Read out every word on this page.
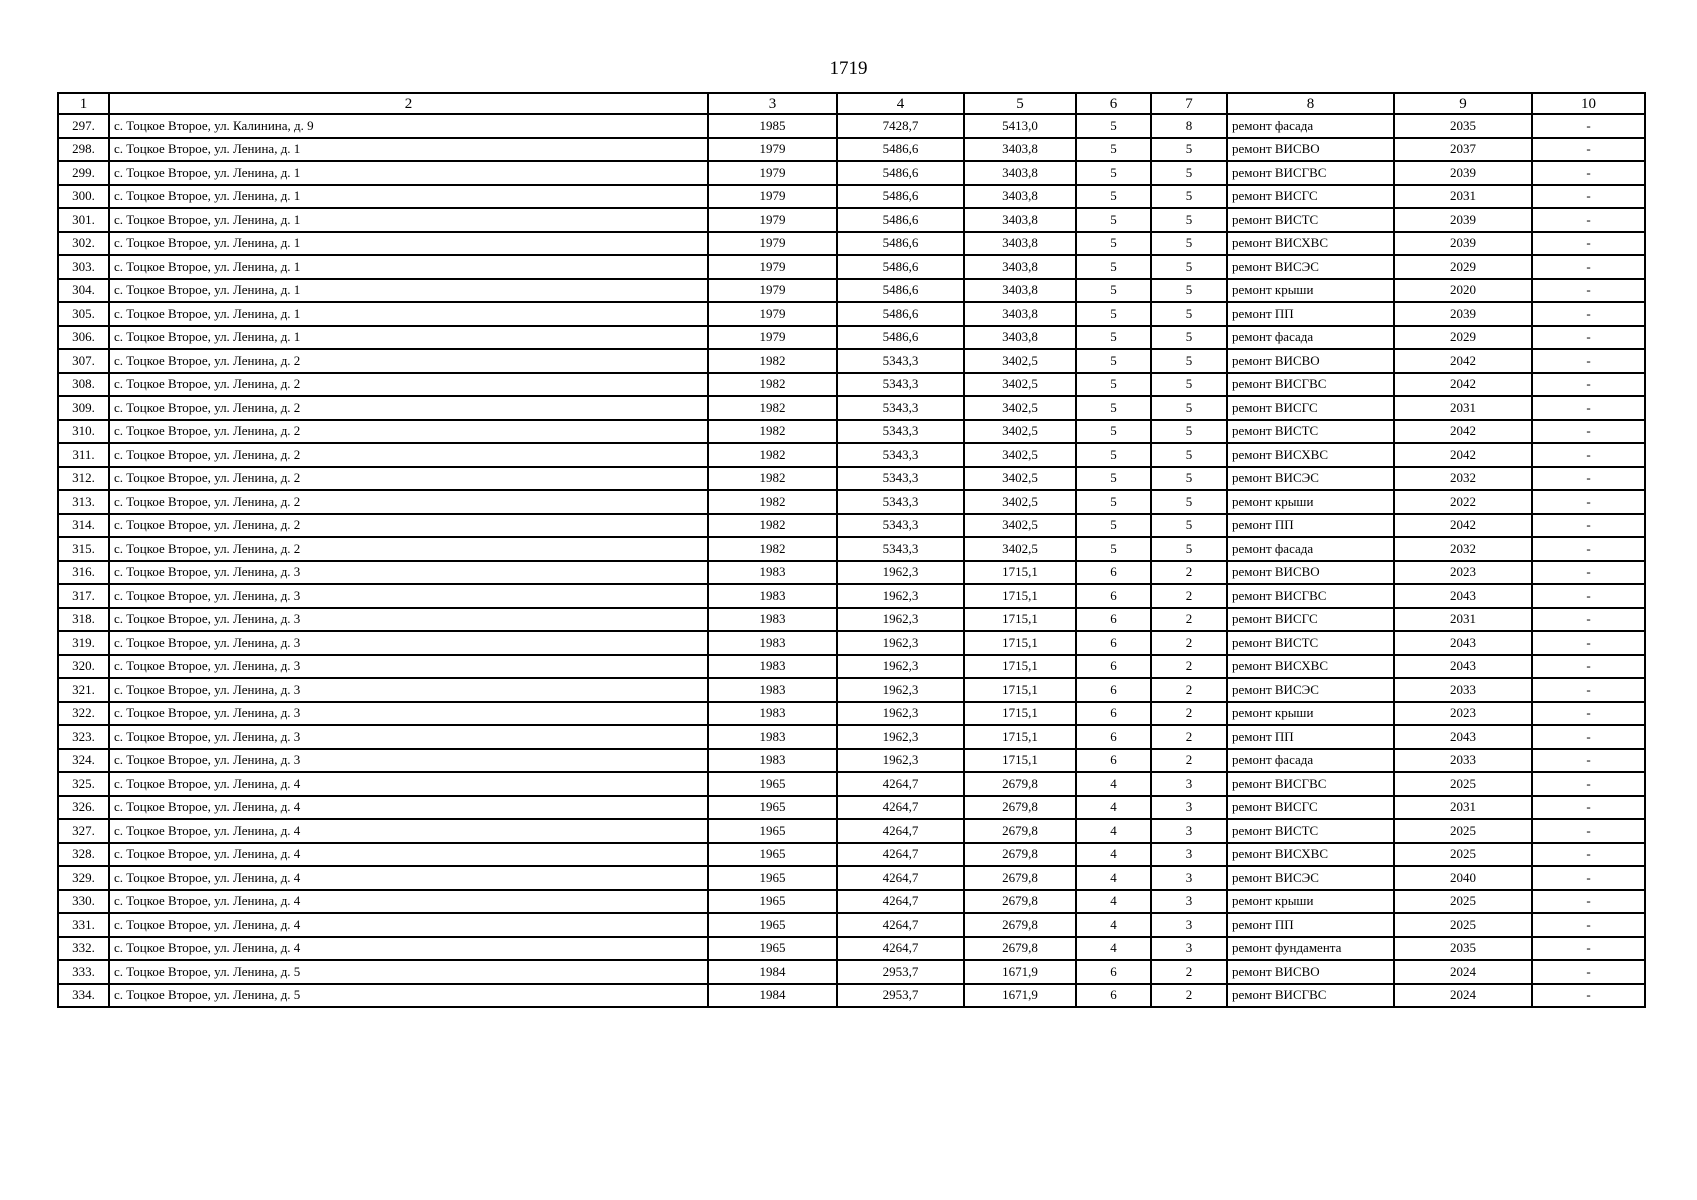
1719
1	2	3	4	5	6	7	8	9	10
297.	с. Тоцкое Второе, ул. Калинина, д. 9	1985	7428,7	5413,0	5	8	ремонт фасада	2035	-
298.	с. Тоцкое Второе, ул. Ленина, д. 1	1979	5486,6	3403,8	5	5	ремонт ВИСВО	2037	-
299.	с. Тоцкое Второе, ул. Ленина, д. 1	1979	5486,6	3403,8	5	5	ремонт ВИСГВС	2039	-
300.	с. Тоцкое Второе, ул. Ленина, д. 1	1979	5486,6	3403,8	5	5	ремонт ВИСГС	2031	-
301.	с. Тоцкое Второе, ул. Ленина, д. 1	1979	5486,6	3403,8	5	5	ремонт ВИСТС	2039	-
302.	с. Тоцкое Второе, ул. Ленина, д. 1	1979	5486,6	3403,8	5	5	ремонт ВИСХВС	2039	-
303.	с. Тоцкое Второе, ул. Ленина, д. 1	1979	5486,6	3403,8	5	5	ремонт ВИСЭС	2029	-
304.	с. Тоцкое Второе, ул. Ленина, д. 1	1979	5486,6	3403,8	5	5	ремонт крыши	2020	-
305.	с. Тоцкое Второе, ул. Ленина, д. 1	1979	5486,6	3403,8	5	5	ремонт ПП	2039	-
306.	с. Тоцкое Второе, ул. Ленина, д. 1	1979	5486,6	3403,8	5	5	ремонт фасада	2029	-
307.	с. Тоцкое Второе, ул. Ленина, д. 2	1982	5343,3	3402,5	5	5	ремонт ВИСВО	2042	-
308.	с. Тоцкое Второе, ул. Ленина, д. 2	1982	5343,3	3402,5	5	5	ремонт ВИСГВС	2042	-
309.	с. Тоцкое Второе, ул. Ленина, д. 2	1982	5343,3	3402,5	5	5	ремонт ВИСГС	2031	-
310.	с. Тоцкое Второе, ул. Ленина, д. 2	1982	5343,3	3402,5	5	5	ремонт ВИСТС	2042	-
311.	с. Тоцкое Второе, ул. Ленина, д. 2	1982	5343,3	3402,5	5	5	ремонт ВИСХВС	2042	-
312.	с. Тоцкое Второе, ул. Ленина, д. 2	1982	5343,3	3402,5	5	5	ремонт ВИСЭС	2032	-
313.	с. Тоцкое Второе, ул. Ленина, д. 2	1982	5343,3	3402,5	5	5	ремонт крыши	2022	-
314.	с. Тоцкое Второе, ул. Ленина, д. 2	1982	5343,3	3402,5	5	5	ремонт ПП	2042	-
315.	с. Тоцкое Второе, ул. Ленина, д. 2	1982	5343,3	3402,5	5	5	ремонт фасада	2032	-
316.	с. Тоцкое Второе, ул. Ленина, д. 3	1983	1962,3	1715,1	6	2	ремонт ВИСВО	2023	-
317.	с. Тоцкое Второе, ул. Ленина, д. 3	1983	1962,3	1715,1	6	2	ремонт ВИСГВС	2043	-
318.	с. Тоцкое Второе, ул. Ленина, д. 3	1983	1962,3	1715,1	6	2	ремонт ВИСГС	2031	-
319.	с. Тоцкое Второе, ул. Ленина, д. 3	1983	1962,3	1715,1	6	2	ремонт ВИСТС	2043	-
320.	с. Тоцкое Второе, ул. Ленина, д. 3	1983	1962,3	1715,1	6	2	ремонт ВИСХВС	2043	-
321.	с. Тоцкое Второе, ул. Ленина, д. 3	1983	1962,3	1715,1	6	2	ремонт ВИСЭС	2033	-
322.	с. Тоцкое Второе, ул. Ленина, д. 3	1983	1962,3	1715,1	6	2	ремонт крыши	2023	-
323.	с. Тоцкое Второе, ул. Ленина, д. 3	1983	1962,3	1715,1	6	2	ремонт ПП	2043	-
324.	с. Тоцкое Второе, ул. Ленина, д. 3	1983	1962,3	1715,1	6	2	ремонт фасада	2033	-
325.	с. Тоцкое Второе, ул. Ленина, д. 4	1965	4264,7	2679,8	4	3	ремонт ВИСГВС	2025	-
326.	с. Тоцкое Второе, ул. Ленина, д. 4	1965	4264,7	2679,8	4	3	ремонт ВИСГС	2031	-
327.	с. Тоцкое Второе, ул. Ленина, д. 4	1965	4264,7	2679,8	4	3	ремонт ВИСТС	2025	-
328.	с. Тоцкое Второе, ул. Ленина, д. 4	1965	4264,7	2679,8	4	3	ремонт ВИСХВС	2025	-
329.	с. Тоцкое Второе, ул. Ленина, д. 4	1965	4264,7	2679,8	4	3	ремонт ВИСЭС	2040	-
330.	с. Тоцкое Второе, ул. Ленина, д. 4	1965	4264,7	2679,8	4	3	ремонт крыши	2025	-
331.	с. Тоцкое Второе, ул. Ленина, д. 4	1965	4264,7	2679,8	4	3	ремонт ПП	2025	-
332.	с. Тоцкое Второе, ул. Ленина, д. 4	1965	4264,7	2679,8	4	3	ремонт фундамента	2035	-
333.	с. Тоцкое Второе, ул. Ленина, д. 5	1984	2953,7	1671,9	6	2	ремонт ВИСВО	2024	-
334.	с. Тоцкое Второе, ул. Ленина, д. 5	1984	2953,7	1671,9	6	2	ремонт ВИСГВС	2024	-
